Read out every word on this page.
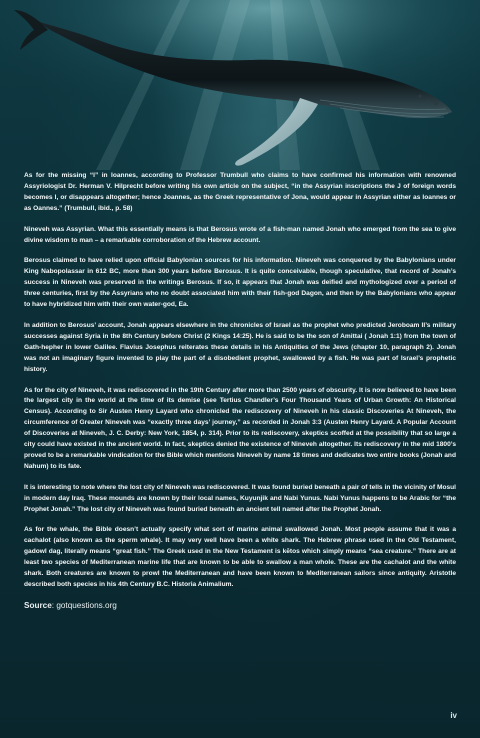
As for the missing “I” in Ioannes, according to Professor Trumbull who claims to have confirmed his information with renowned Assyriologist Dr. Herman V. Hilprecht before writing his own article on the subject, “in the Assyrian inscriptions the J of foreign words becomes I, or disappears altogether; hence Joannes, as the Greek representative of Jona, would appear in Assyrian either as Ioannes or as Oannes.” (Trumbull, ibid., p. 58)

Nineveh was Assyrian. What this essentially means is that Berosus wrote of a fish-man named Jonah who emerged from the sea to give divine wisdom to man – a remarkable corroboration of the Hebrew account.

Berosus claimed to have relied upon official Babylonian sources for his information. Nineveh was conquered by the Babylonians under King Nabopolassar in 612 BC, more than 300 years before Berosus. It is quite conceivable, though speculative, that record of Jonah’s success in Nineveh was preserved in the writings Berosus. If so, it appears that Jonah was deified and mythologized over a period of three centuries, first by the Assyrians who no doubt associated him with their fish-god Dagon, and then by the Babylonians who appear to have hybridized him with their own water-god, Ea.

In addition to Berosus’ account, Jonah appears elsewhere in the chronicles of Israel as the prophet who predicted Jeroboam II’s military successes against Syria in the 8th Century before Christ (2 Kings 14:25). He is said to be the son of Amittai ( Jonah 1:1) from the town of Gath-hepher in lower Galilee. Flavius Josephus reiterates these details in his Antiquities of the Jews (chapter 10, paragraph 2). Jonah was not an imaginary figure invented to play the part of a disobedient prophet, swallowed by a fish. He was part of Israel’s prophetic history.

As for the city of Nineveh, it was rediscovered in the 19th Century after more than 2500 years of obscurity. It is now believed to have been the largest city in the world at the time of its demise (see Tertius Chandler’s Four Thousand Years of Urban Growth: An Historical Census). According to Sir Austen Henry Layard who chronicled the rediscovery of Nineveh in his classic Discoveries At Nineveh, the circumference of Greater Nineveh was “exactly three days’ journey,” as recorded in Jonah 3:3 (Austen Henry Layard. A Popular Account of Discoveries at Nineveh, J. C. Derby: New York, 1854, p. 314). Prior to its rediscovery, skeptics scoffed at the possibility that so large a city could have existed in the ancient world. In fact, skeptics denied the existence of Nineveh altogether. Its rediscovery in the mid 1800’s proved to be a remarkable vindication for the Bible which mentions Nineveh by name 18 times and dedicates two entire books (Jonah and Nahum) to its fate.

It is interesting to note where the lost city of Nineveh was rediscovered. It was found buried beneath a pair of tells in the vicinity of Mosul in modern day Iraq. These mounds are known by their local names, Kuyunjik and Nabi Yunus. Nabi Yunus happens to be Arabic for “the Prophet Jonah.” The lost city of Nineveh was found buried beneath an ancient tell named after the Prophet Jonah.

As for the whale, the Bible doesn’t actually specify what sort of marine animal swallowed Jonah. Most people assume that it was a cachalot (also known as the sperm whale). It may very well have been a white shark. The Hebrew phrase used in the Old Testament, gadowl dag, literally means “great fish.” The Greek used in the New Testament is kētos which simply means “sea creature.” There are at least two species of Mediterranean marine life that are known to be able to swallow a man whole. These are the cachalot and the white shark. Both creatures are known to prowl the Mediterranean and have been known to Mediterranean sailors since antiquity. Aristotle described both species in his 4th Century B.C. Historia Animalium.

Source: gotquestions.org
iv
